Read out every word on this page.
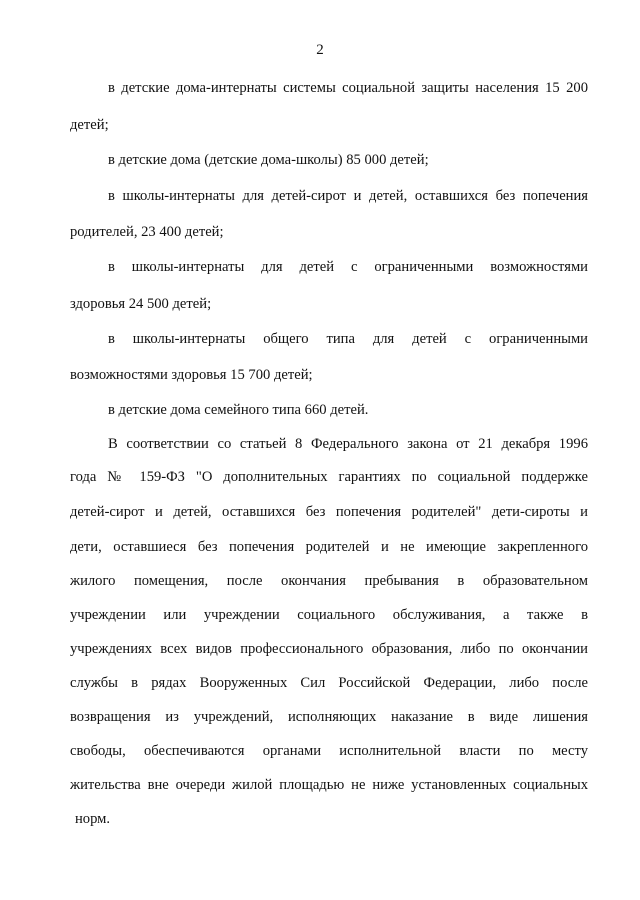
2
в детские дома-интернаты системы социальной защиты населения 15 200
детей;
в детские дома (детские дома-школы) 85 000 детей;
в школы-интернаты для детей-сирот и детей, оставшихся без попечения
родителей, 23 400 детей;
в школы-интернаты для детей с ограниченными возможностями
здоровья 24 500 детей;
в школы-интернаты общего типа для детей с ограниченными
возможностями здоровья 15 700 детей;
в детские дома семейного типа 660 детей.
В соответствии со статьей 8 Федерального закона от 21 декабря 1996
года № 159-ФЗ "О дополнительных гарантиях по социальной поддержке
детей-сирот и детей, оставшихся без попечения родителей" дети-сироты и
дети, оставшиеся без попечения родителей и не имеющие закрепленного
жилого помещения, после окончания пребывания в образовательном
учреждении или учреждении социального обслуживания, а также в
учреждениях всех видов профессионального образования, либо по окончании
службы в рядах Вооруженных Сил Российской Федерации, либо после
возвращения из учреждений, исполняющих наказание в виде лишения
свободы, обеспечиваются органами исполнительной власти по месту
жительства вне очереди жилой площадью не ниже установленных социальных
норм.
